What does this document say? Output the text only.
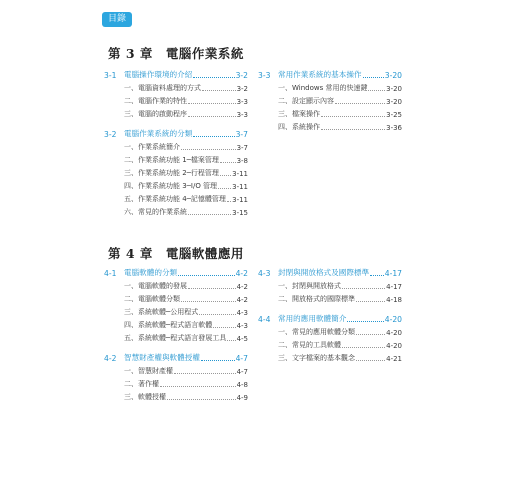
目錄
第 3 章　電腦作業系統
3-1 電腦操作環境的介紹	3-2
一、電腦資料處理的方式	3-2
二、電腦作業的特性	3-3
三、電腦的啟動程序	3-3
3-2 電腦作業系統的分類	3-7
一、作業系統簡介	3-7
二、作業系統功能 1─檔案管理	3-8
三、作業系統功能 2─行程管理 3-11
四、作業系統功能 3─I/O 管理 3-11
五、作業系統功能 4─記憶體管理 3-11
六、常見的作業系統	3-15
3-3 常用作業系統的基本操作	3-20
一、Windows 常用的快速鍵	3-20
二、設定顯示內容	3-20
三、檔案操作	3-25
四、系統操作	3-36
第 4 章　電腦軟體應用
4-1 電腦軟體的分類	4-2
一、電腦軟體的發展	4-2
二、電腦軟體分類	4-2
三、系統軟體─公用程式	4-3
四、系統軟體─程式語言軟體	4-3
五、系統軟體─程式語言發展工具 4-5
4-2 智慧財產權與軟體授權	4-7
一、智慧財產權	4-7
二、著作權	4-8
三、軟體授權	4-9
4-3 封閉與開放格式及國際標準 4-17
一、封閉與開放格式	4-17
二、開放格式的國際標準	4-18
4-4 常用的應用軟體簡介	4-20
一、常見的應用軟體分類	4-20
二、常見的工具軟體	4-20
三、文字檔案的基本觀念	4-21
